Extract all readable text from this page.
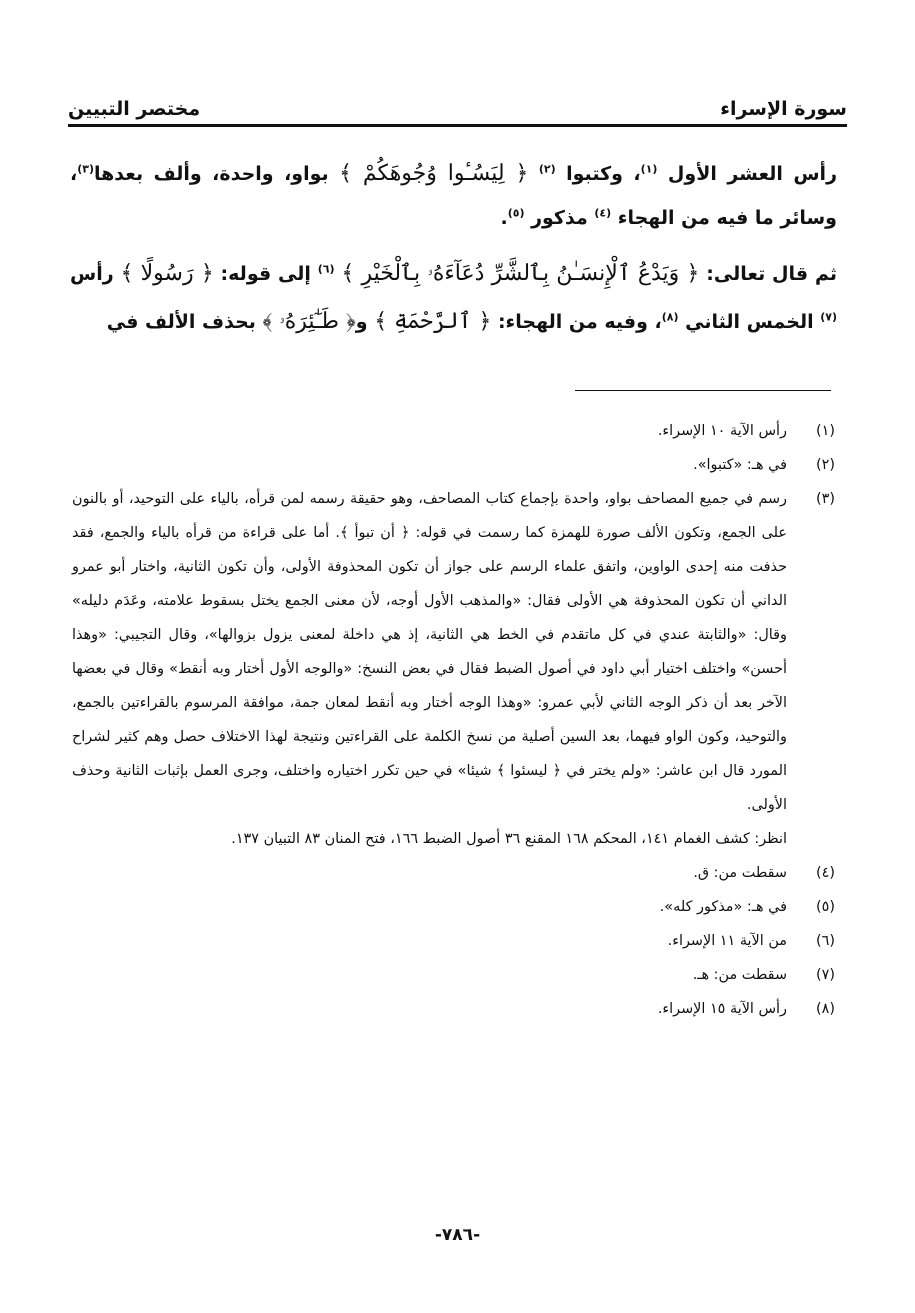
سورة الإسراء
مختصر التبيين

رأس العشر الأول $^{(١)}$، وكتبوا $^{(٢)}$ ﴿ لِيَسُـٔوا وُجُوهَكُمْ ﴾ بواو، واحدة، وألف بعدها$^{(٣)}$، وسائر ما فيه من الهجاء $^{(٤)}$ مذكور $^{(٥)}$.

ثم قال تعالى: ﴿ وَيَدْعُ ٱلْإِنسَـٰنُ بِٱلشَّرِّ دُعَآءَهُۥ بِٱلْخَيْرِ ﴾ $^{(٦)}$ إلى قوله: ﴿ رَسُولًا ﴾ رأس $^{(٧)}$ الخمس الثاني $^{(٨)}$، وفيه من الهجاء: ﴿ ٱلرَّحْمَةِ ﴾ و﴿ طَـٰٓئِرَهُۥ ﴾ بحذف الألف في

(١)
رأس الآية ١٠ الإسراء.
(٢)
في هـ: «كتبوا».
(٣)
رسم في جميع المصاحف بواو، واحدة بإجماع كتاب المصاحف، وهو حقيقة رسمه لمن قرأه، بالياء على التوحيد، أو بالنون على الجمع، وتكون الألف صورة للهمزة كما رسمت في قوله: ﴿ أن تبوأ ﴾. أما على قراءة من قرأه بالياء والجمع، فقد حذفت منه إحدى الواوين، واتفق علماء الرسم على جواز أن تكون المحذوفة الأولى، وأن تكون الثانية، واختار أبو عمرو الداني أن تكون المحذوفة هي الأولى فقال: «والمذهب الأول أوجه، لأن معنى الجمع يختل بسقوط علامته، وعَدَم دليله» وقال: «والثابتة عندي في كل ماتقدم في الخط هي الثانية، إذ هي داخلة لمعنى يزول بزوالها»، وقال التجيبي: «وهذا أحسن» واختلف اختيار أبي داود في أصول الضبط فقال في بعض النسخ: «والوجه الأول أختار وبه أنقط» وقال في بعضها الآخر بعد أن ذكر الوجه الثاني لأبي عمرو: «وهذا الوجه أختار وبه أنقط لمعان جمة، موافقة المرسوم بالقراءتين بالجمع، والتوحيد، وكون الواو فيهما، بعد السين أصلية من نسخ الكلمة على القراءتين ونتيجة لهذا الاختلاف حصل وهم كثير لشراح المورد قال ابن عاشر: «ولم يختر في ﴿ ليسئوا ﴾ شيئا» في حين تكرر اختياره واختلف، وجرى العمل بإثبات الثانية وحذف الأولى.
انظر: كشف الغمام ١٤١، المحكم ١٦٨ المقنع ٣٦ أصول الضبط ١٦٦، فتح المنان ٨٣ التبيان ١٣٧.
(٤)
سقطت من: ق.
(٥)
في هـ: «مذكور كله».
(٦)
من الآية ١١ الإسراء.
(٧)
سقطت من: هـ.
(٨)
رأس الآية ١٥ الإسراء.
-٧٨٦-
